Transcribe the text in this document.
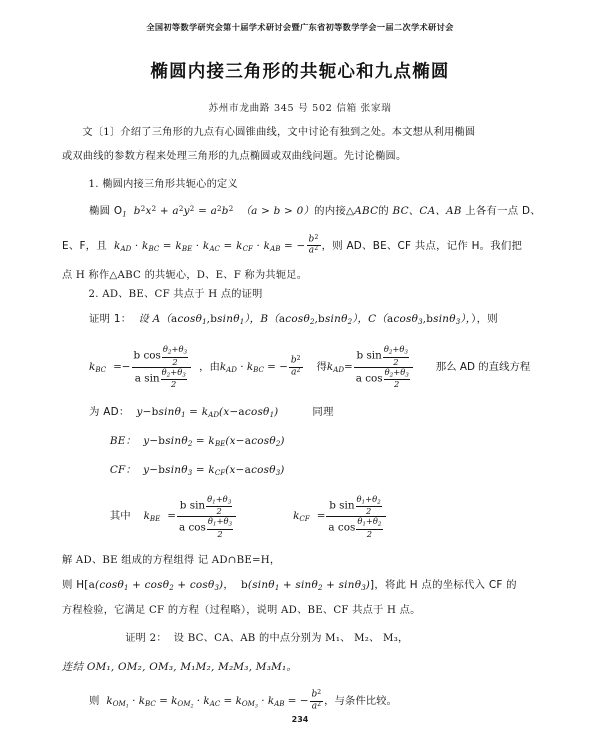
全国初等数学研究会第十届学术研讨会暨广东省初等数学学会一届二次学术研讨会
椭圆内接三角形的共轭心和九点椭圆
苏州市龙曲路 345 号 502 信箱 张家瑞
文〔1〕介绍了三角形的九点有心圆锥曲线，文中讨论有独到之处。本文想从利用椭圆
或双曲线的参数方程来处理三角形的九点椭圆或双曲线问题。先讨论椭圆。
1. 椭圆内接三角形共轭心的定义
椭圆 $O_1$ $b^2x^2 + a^2y^2 = a^2b^2$ （a > b > 0）的内接△ABC的 BC、CA、AB 上各有一点 D、
E、F，且 $k_{AD} \cdot k_{BC} = k_{BE} \cdot k_{AC} = k_{CF} \cdot k_{AB}$ = − $\frac{b^2}{a^2}$ ，则 AD、BE、CF 共点，记作 H。我们把
点 H 称作△ABC 的共轭心，D、E、F 称为共轭足。
2. AD、BE、CF 共点于 H 点的证明
证明 1： 设 A（acosθ$_1$,bsinθ$_1$），B（acosθ$_2$,bsinθ$_2$），C（acosθ$_3$,bsinθ$_3$），），则
$k_{BC}$ = − $\frac{b \cos \frac{\theta_2+\theta_3}{2}}{a \sin \frac{\theta_2+\theta_3}{2}}$ ， 由 $k_{AD} \cdot k_{BC}$ = − $\frac{b^2}{a^2}$ 得 $k_{AD} = \frac{b \sin \frac{\theta_2+\theta_3}{2}}{a \cos \frac{\theta_2+\theta_3}{2}}$ 那么 AD 的直线方程
为 AD： $y-bsin\theta_1 = k_{AD}(x-acos\theta_1)$	同理
BE： $y-bsin\theta_2 = k_{BE}(x-acos\theta_2)$
CF： $y-bsin\theta_3 = k_{CF}(x-acos\theta_3)$
其中 $k_{BE} = \frac{b \sin \frac{\theta_1+\theta_3}{2}}{a \cos \frac{\theta_1+\theta_3}{2}}$	$k_{CF} = \frac{b \sin \frac{\theta_1+\theta_2}{2}}{a \cos \frac{\theta_1+\theta_2}{2}}$
解 AD、BE 组成的方程组得 记 AD∩BE=H，
则 H[a(cosθ$_1$ + cosθ$_2$ + cosθ$_3$)， b(sinθ$_1$ + sinθ$_2$ + sinθ$_3$)]，将此 H 点的坐标代入 CF 的
方程检验，它满足 CF 的方程（过程略），说明 AD、BE、CF 共点于 H 点。
证明 2： 设 BC、CA、AB 的中点分别为 M₁、 M₂、 M₃，
连结 OM₁, OM₂, OM₃, M₁M₂, M₂M₃, M₃M₁。
则 $k_{OM_1} \cdot k_{BC} = k_{OM_2} \cdot k_{AC} = k_{OM_3} \cdot k_{AB}$ = − $\frac{b^2}{a^2}$ ，与条件比较。
234
